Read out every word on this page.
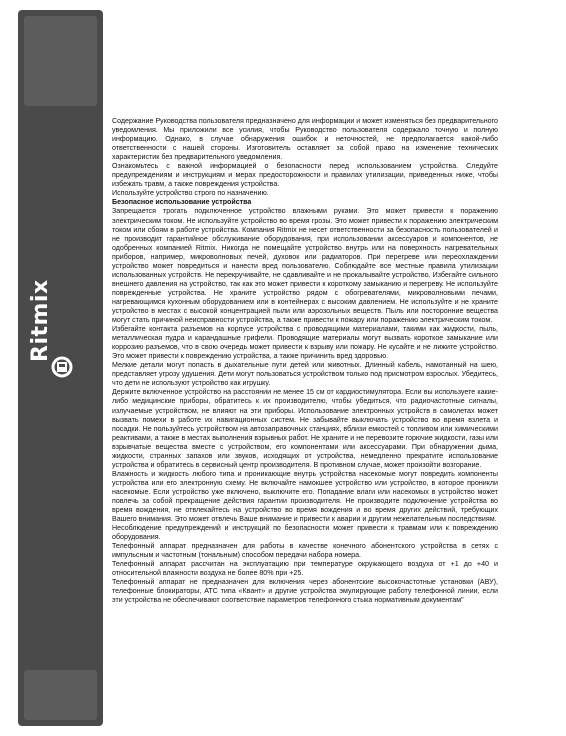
Ritmix

Содержание Руководства пользователя предназначено для информации и может изменяться без предварительного уведомления. Мы приложили все усилия, чтобы Руководство пользователя содержало точную и полную информацию. Однако, в случае обнаружения ошибок и неточностей, не предполагается какой-либо ответственности с нашей стороны. Изготовитель оставляет за собой право на изменение технических характеристик без предварительного уведомления.

Ознакомьтесь с важной информацией о безопасности перед использованием устройства. Следуйте предупреждениям и инструкциям и мерах предосторожности и правилах утилизации, приведенных ниже, чтобы избежать травм, а также повреждения устройства.

Используйте устройство строго по назначению.

Безопасное использование устройства

Запрещается трогать подключенное устройство влажными руками. Это может привести к поражению электрическим током. Не используйте устройство во время грозы. Это может привести к поражению электрическим током или сбоям в работе устройства. Компания Ritmix не несет ответственности за безопасность пользователей и не производит гарантийное обслуживание оборудования, при использовании аксессуаров и компонентов, не одобренных компанией Ritmix. Никогда не помещайте устройство внутрь или на поверхность нагревательных приборов, например, микроволновых печей, духовок или радиаторов. При перегреве или переохлаждении устройство может повредиться и нанести вред пользователю. Соблюдайте все местные правила утилизации использованных устройств. Не перекручивайте, не сдавливайте и не прокалывайте устройство. Избегайте сильного внешнего давления на устройство, так как это может привести к короткому замыканию и перегреву. Не используйте поврежденные устройства. Не храните устройство рядом с обогревателями, микроволновыми печами, нагревающимся кухонным оборудованием или в контейнерах с высоким давлением. Не используйте и не храните устройство в местах с высокой концентрацией пыли или аэрозольных веществ. Пыль или посторонние вещества могут стать причиной неисправности устройства, а также привести к пожару или поражению электрическим током.

Избегайте контакта разъемов на корпусе устройства с проводящими материалами, такими как жидкости, пыль, металлическая пудра и карандашные грифели. Проводящие материалы могут вызвать короткое замыкание или коррозию разъемов, что в свою очередь может привести к взрыву или пожару. Не кусайте и не лижите устройство. Это может привести к повреждению устройства, а также причинить вред здоровью.

Мелкие детали могут попасть в дыхательные пути детей или животных. Длинный кабель, намотанный на шею, представляет угрозу удушения. Дети могут пользоваться устройством только под присмотром взрослых. Убедитесь, что дети не используют устройство как игрушку.

Держите включенное устройство на расстоянии не менее 15 см от кардиостимулятора. Если вы используете какие-либо медицинские приборы, обратитесь к их производителю, чтобы убедиться, что радиочастотные сигналы, излучаемые устройством, не влияют на эти приборы. Использование электронных устройств в самолетах может вызвать помехи в работе их навигационных систем. Не забывайте выключать устройство во время взлета и посадки. Не пользуйтесь устройством на автозаправочных станциях, вблизи емкостей с топливом или химическими реактивами, а также в местах выполнения взрывных работ. Не храните и не перевозите горючие жидкости, газы или взрывчатые вещества вместе с устройством, его компонентами или аксессуарами. При обнаружении дыма, жидкости, странных запахов или звуков, исходящих от устройства, немедленно прекратите использование устройства и обратитесь в сервисный центр производителя. В противном случае, может произойти возгорание.

Влажность и жидкость любого типа и проникающие внутрь устройства насекомые могут повредить компоненты устройства или его электронную схему. Не включайте намокшее устройство или устройство, в которое проникли насекомые. Если устройство уже включено, выключите его. Попадание влаги или насекомых в устройство может повлечь за собой прекращение действия гарантии производителя. Не производите подключение устройства во время вождения, не отвлекайтесь на устройство во время вождения и во время других действий, требующих Вашего внимания. Это может отвлечь Ваше внимание и привести к аварии и другим нежелательным последствиям.

Несоблюдение предупреждений и инструкций по безопасности может привести к травмам или к повреждению оборудования.

Телефонный аппарат предназначен для работы в качестве конечного абонентского устройства в сетях с импульсным и частотным (тональным) способом передачи набора номера.

Телефонный аппарат рассчитан на эксплуатацию при температуре окружающего воздуха от +1 до +40 и относительной влажности воздуха не более 80% при +25.

Телефонный аппарат не предназначен для включения через абонентские высокочастотные установки (АВУ), телефонные блокираторы, АТС типа «Квант» и другие устройства эмулирующие работу телефонной линии, если эти устройства не обеспечивают соответствие параметров телефонного стыка нормативным документам"
